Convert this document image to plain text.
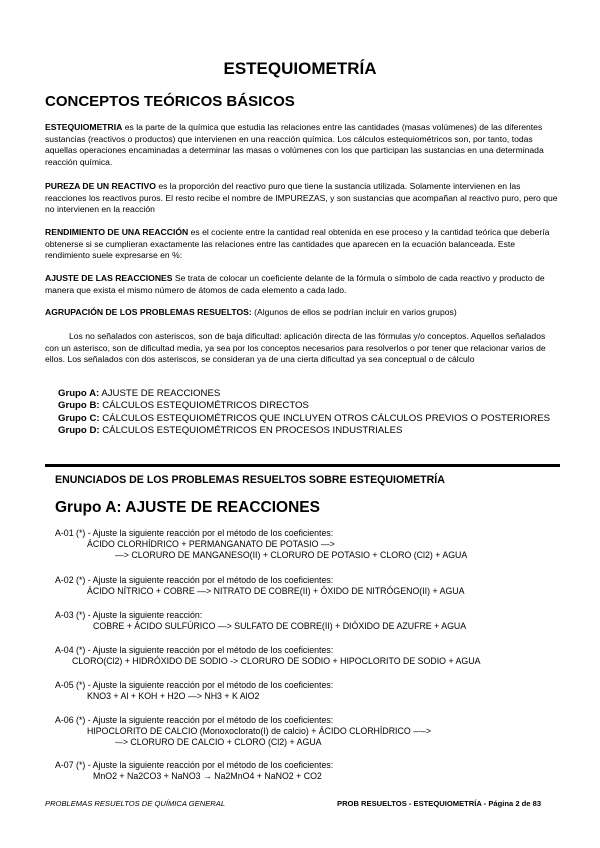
ESTEQUIOMETRÍA
CONCEPTOS TEÓRICOS BÁSICOS
ESTEQUIOMETRIA es la parte de la química que estudia las relaciones entre las cantidades (masas volúmenes) de las diferentes sustancias (reactivos o productos) que intervienen en una reacción química. Los cálculos estequiométricos son, por tanto, todas aquellas operaciones encaminadas a determinar las masas o volúmenes con los que participan las sustancias en una determinada reacción química.
PUREZA DE UN REACTIVO es la proporción del reactivo puro que tiene la sustancia utilizada. Solamente intervienen en las reacciones los reactivos puros. El resto recibe el nombre de IMPUREZAS, y son sustancias que acompañan al reactivo puro, pero que no intervienen en la reacción
RENDIMIENTO DE UNA REACCIÓN es el cociente entre la cantidad real obtenida en ese proceso y la cantidad teórica que debería obtenerse si se cumplieran exactamente las relaciones entre las cantidades que aparecen en la ecuación balanceada. Este rendimiento suele expresarse en %:
AJUSTE DE LAS REACCIONES Se trata de colocar un coeficiente delante de la fórmula o símbolo de cada reactivo y producto de manera que exista el mismo número de átomos de cada elemento a cada lado.
AGRUPACIÓN DE LOS PROBLEMAS RESUELTOS: (Algunos de ellos se podrían incluir en varios grupos)
Los no señalados con asteriscos, son de baja dificultad: aplicación directa de las fórmulas y/o conceptos. Aquellos señalados con un asterisco, son de dificultad media, ya sea por los conceptos necesarios para resolverlos o por tener que relacionar varios de ellos. Los señalados con dos asteriscos, se consideran ya de una cierta dificultad ya sea conceptual o de cálculo
Grupo A: AJUSTE DE REACCIONES
Grupo B: CÁLCULOS ESTEQUIOMÉTRICOS DIRECTOS
Grupo C: CÁLCULOS ESTEQUIOMÉTRICOS QUE INCLUYEN OTROS CÁLCULOS PREVIOS O POSTERIORES
Grupo D: CÁLCULOS ESTEQUIOMÉTRICOS EN PROCESOS INDUSTRIALES
ENUNCIADOS DE LOS PROBLEMAS RESUELTOS SOBRE ESTEQUIOMETRÍA
Grupo A: AJUSTE DE REACCIONES
A-01 (*) - Ajuste la siguiente reacción por el método de los coeficientes:
ÁCIDO CLORHÍDRICO + PERMANGANATO DE POTASIO —>
—> CLORURO DE MANGANESO(II) + CLORURO DE POTASIO + CLORO (Cl2) + AGUA
A-02 (*) - Ajuste la siguiente reacción por el método de los coeficientes:
ÁCIDO NÍTRICO + COBRE —> NITRATO DE COBRE(II) + ÓXIDO DE NITRÓGENO(II) + AGUA
A-03 (*) - Ajuste la siguiente reacción:
COBRE + ÁCIDO SULFÚRICO —> SULFATO DE COBRE(II) + DIÓXIDO DE AZUFRE + AGUA
A-04 (*) - Ajuste la siguiente reacción por el método de los coeficientes:
CLORO(Cl2) + HIDRÓXIDO DE SODIO -> CLORURO DE SODIO + HIPOCLORITO DE SODIO + AGUA
A-05 (*) - Ajuste la siguiente reacción por el método de los coeficientes:
KNO3 + Al + KOH + H2O —> NH3 + K AlO2
A-06 (*) - Ajuste la siguiente reacción por el método de los coeficientes:
HIPOCLORITO DE CALCIO (Monoxoclorato(I) de calcio) + ÁCIDO CLORHÍDRICO –-–>
-–> CLORURO DE CALCIO + CLORO (Cl2) + AGUA
A-07 (*) - Ajuste la siguiente reacción por el método de los coeficientes:
MnO2 + Na2CO3 + NaNO3 → Na2MnO4 + NaNO2 + CO2
PROBLEMAS RESUELTOS DE QUÍMICA GENERAL	PROB RESUELTOS - ESTEQUIOMETRÍA - Página 2 de 83
